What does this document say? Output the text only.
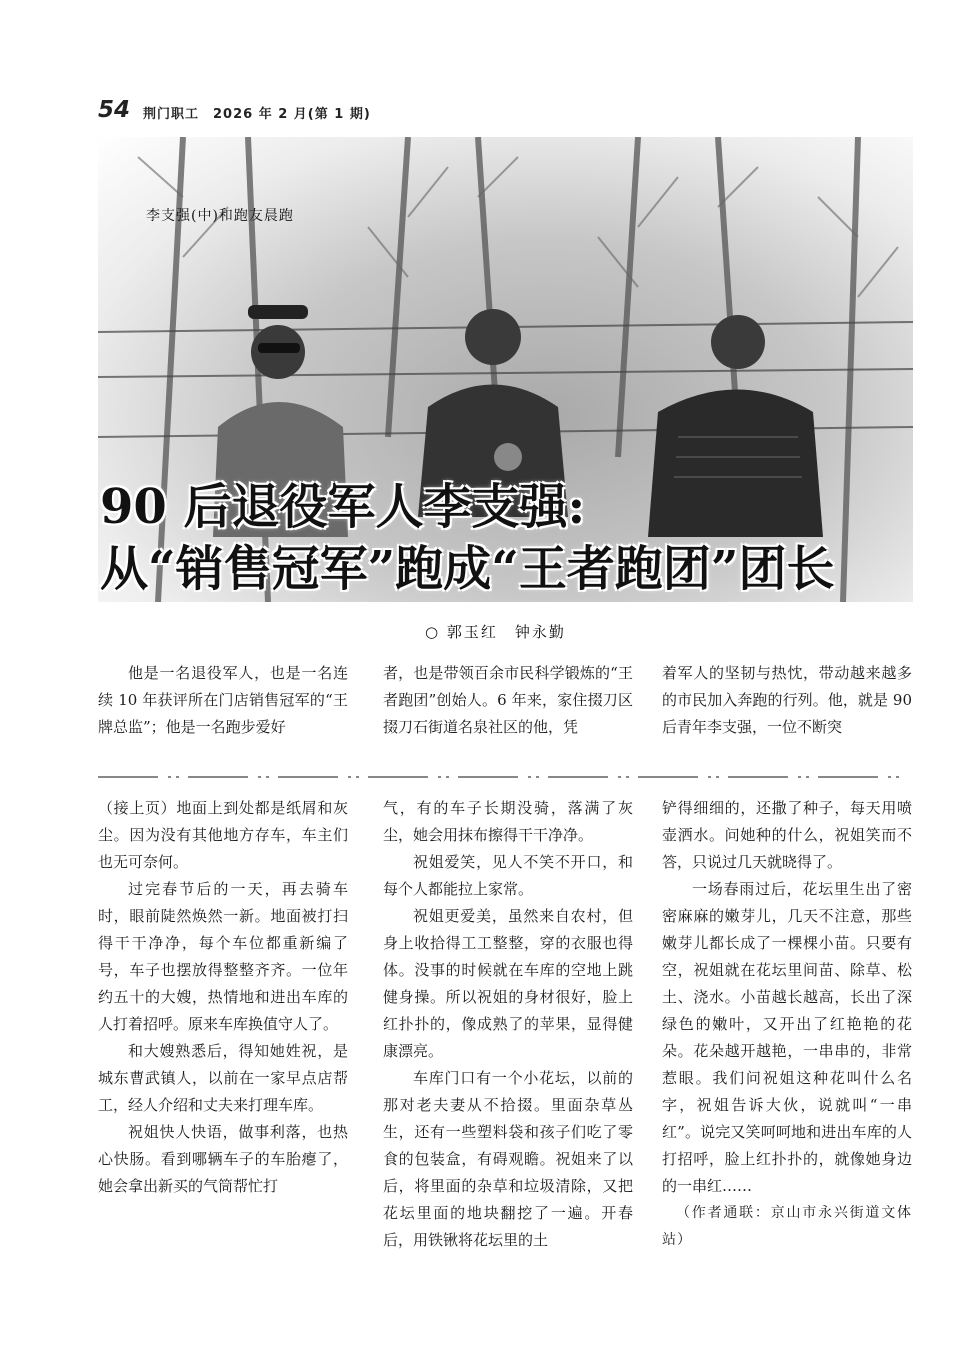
54 荆门职工　2026 年 2 月(第 1 期)
李支强(中)和跑友晨跑
90 后退役军人李支强:
从“销售冠军”跑成“王者跑团”团长
○ 郭玉红　钟永勤

他是一名退役军人，也是一名连续 10 年获评所在门店销售冠军的“王牌总监”；他是一名跑步爱好

者，也是带领百余市民科学锻炼的“王者跑团”创始人。6 年来，家住掇刀区掇刀石街道名泉社区的他，凭

着军人的坚韧与热忱，带动越来越多的市民加入奔跑的行列。他，就是 90 后青年李支强，一位不断突

（接上页）地面上到处都是纸屑和灰尘。因为没有其他地方存车，车主们也无可奈何。

过完春节后的一天，再去骑车时，眼前陡然焕然一新。地面被打扫得干干净净，每个车位都重新编了号，车子也摆放得整整齐齐。一位年约五十的大嫂，热情地和进出车库的人打着招呼。原来车库换值守人了。

和大嫂熟悉后，得知她姓祝，是城东曹武镇人，以前在一家早点店帮工，经人介绍和丈夫来打理车库。

祝姐快人快语，做事利落，也热心快肠。看到哪辆车子的车胎瘪了，她会拿出新买的气筒帮忙打

气，有的车子长期没骑，落满了灰尘，她会用抹布擦得干干净净。

祝姐爱笑，见人不笑不开口，和每个人都能拉上家常。

祝姐更爱美，虽然来自农村，但身上收拾得工工整整，穿的衣服也得体。没事的时候就在车库的空地上跳健身操。所以祝姐的身材很好，脸上红扑扑的，像成熟了的苹果，显得健康漂亮。

车库门口有一个小花坛，以前的那对老夫妻从不拾掇。里面杂草丛生，还有一些塑料袋和孩子们吃了零食的包装盒，有碍观瞻。祝姐来了以后，将里面的杂草和垃圾清除，又把花坛里面的地块翻挖了一遍。开春后，用铁锹将花坛里的土

铲得细细的，还撒了种子，每天用喷壶洒水。问她种的什么，祝姐笑而不答，只说过几天就晓得了。

一场春雨过后，花坛里生出了密密麻麻的嫩芽儿，几天不注意，那些嫩芽儿都长成了一棵棵小苗。只要有空，祝姐就在花坛里间苗、除草、松土、浇水。小苗越长越高，长出了深绿色的嫩叶，又开出了红艳艳的花朵。花朵越开越艳，一串串的，非常惹眼。我们问祝姐这种花叫什么名字，祝姐告诉大伙，说就叫“一串红”。说完又笑呵呵地和进出车库的人打招呼，脸上红扑扑的，就像她身边的一串红……

（作者通联：京山市永兴街道文体站）
